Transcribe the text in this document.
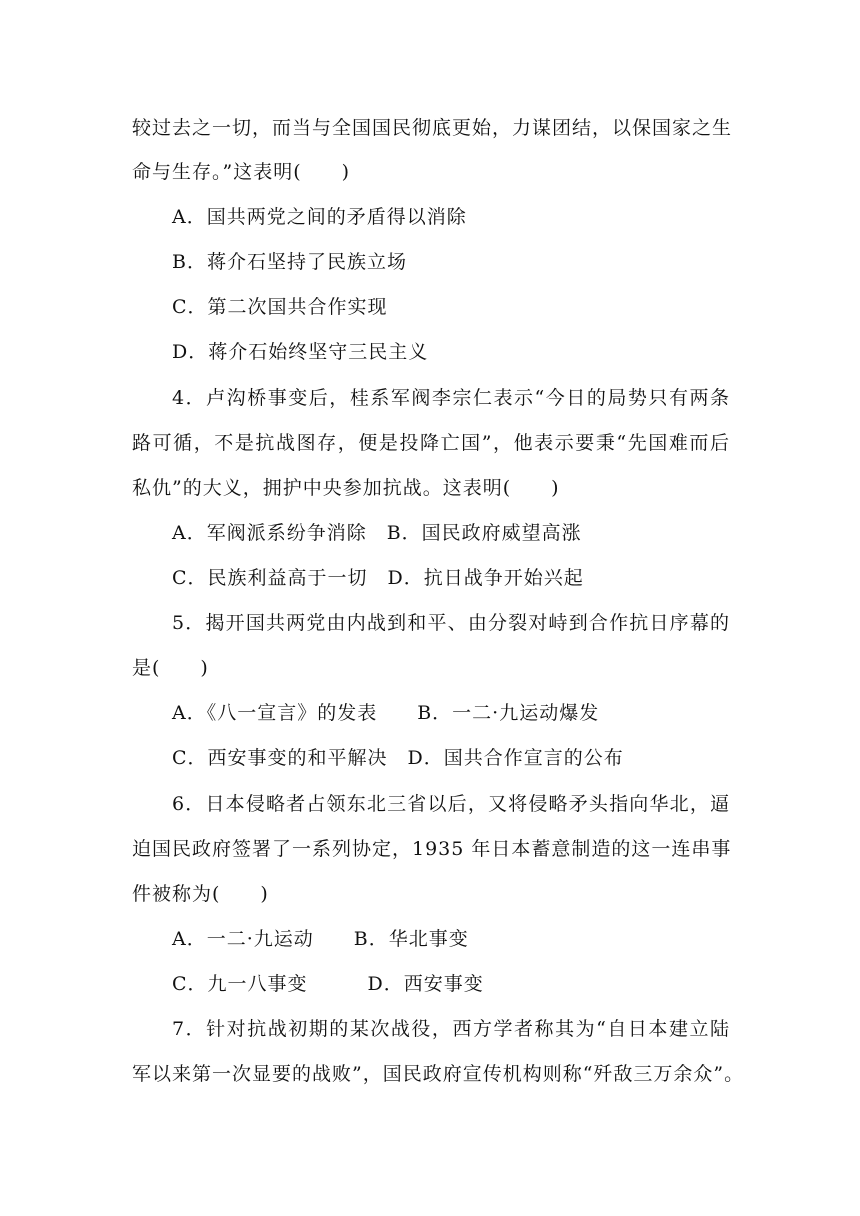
较过去之一切，而当与全国国民彻底更始，力谋团结，以保国家之生
命与生存。”这表明(　　)
A．国共两党之间的矛盾得以消除
B．蒋介石坚持了民族立场
C．第二次国共合作实现
D．蒋介石始终坚守三民主义
4．卢沟桥事变后，桂系军阀李宗仁表示“今日的局势只有两条
路可循，不是抗战图存，便是投降亡国”，他表示要秉“先国难而后
私仇”的大义，拥护中央参加抗战。这表明(　　)
A．军阀派系纷争消除　B．国民政府威望高涨
C．民族利益高于一切　D．抗日战争开始兴起
5．揭开国共两党由内战到和平、由分裂对峙到合作抗日序幕的
是(　　)
A．《八一宣言》的发表　　B．一二·九运动爆发
C．西安事变的和平解决　D．国共合作宣言的公布
6．日本侵略者占领东北三省以后，又将侵略矛头指向华北，逼
迫国民政府签署了一系列协定，1935 年日本蓄意制造的这一连串事
件被称为(　　)
A．一二·九运动　　B．华北事变
C．九一八事变　　　D．西安事变
7．针对抗战初期的某次战役，西方学者称其为“自日本建立陆
军以来第一次显要的战败”，国民政府宣传机构则称“歼敌三万余众”。
